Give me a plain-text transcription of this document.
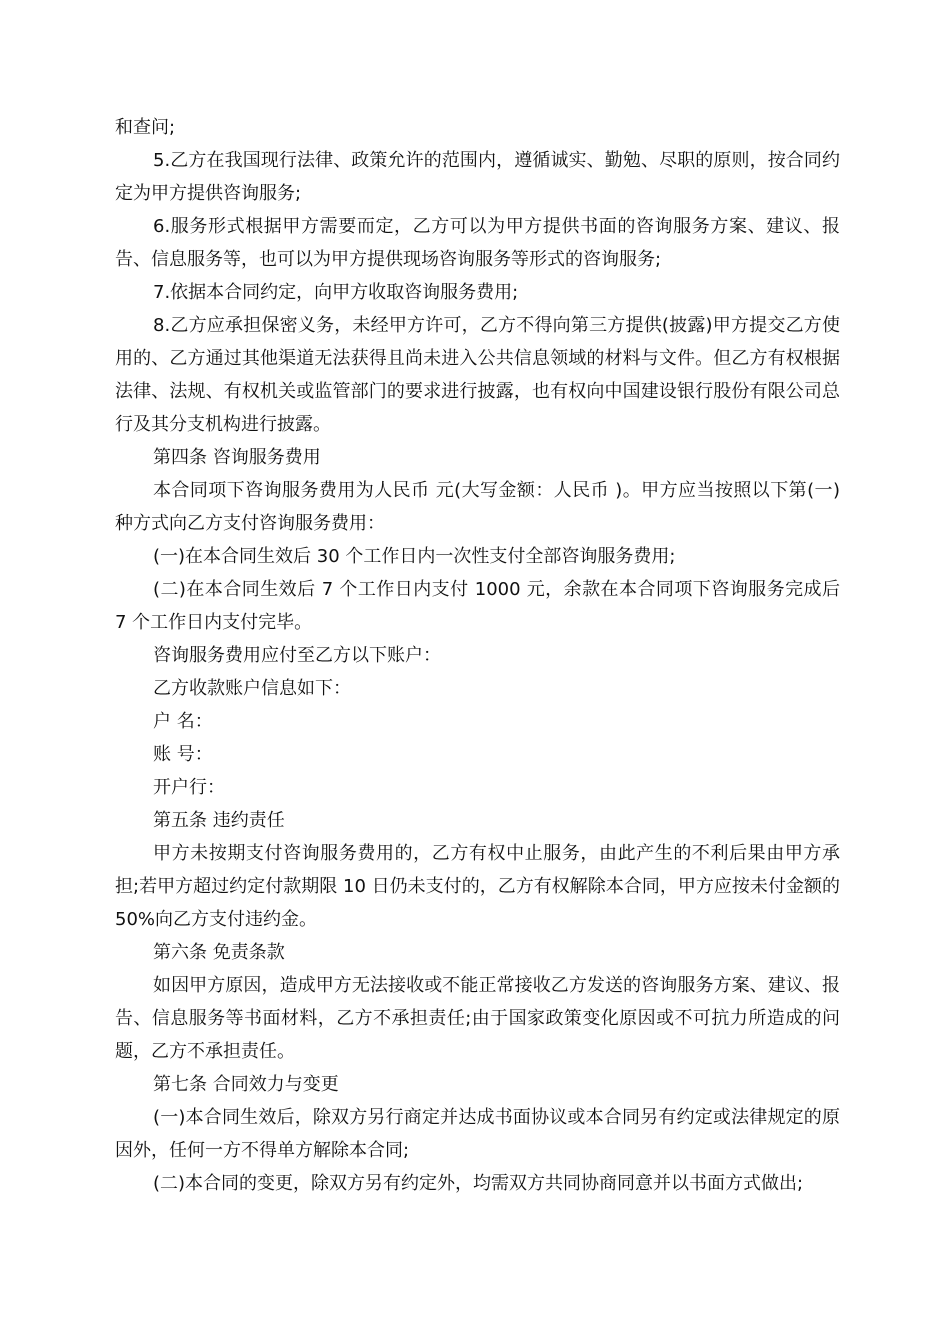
和查问;

5.乙方在我国现行法律、政策允许的范围内，遵循诚实、勤勉、尽职的原则，按合同约定为甲方提供咨询服务;

6.服务形式根据甲方需要而定，乙方可以为甲方提供书面的咨询服务方案、建议、报告、信息服务等，也可以为甲方提供现场咨询服务等形式的咨询服务;

7.依据本合同约定，向甲方收取咨询服务费用;

8.乙方应承担保密义务，未经甲方许可，乙方不得向第三方提供(披露)甲方提交乙方使用的、乙方通过其他渠道无法获得且尚未进入公共信息领域的材料与文件。但乙方有权根据法律、法规、有权机关或监管部门的要求进行披露，也有权向中国建设银行股份有限公司总行及其分支机构进行披露。

第四条 咨询服务费用

本合同项下咨询服务费用为人民币 元(大写金额：人民币 )。甲方应当按照以下第(一) 种方式向乙方支付咨询服务费用：

(一)在本合同生效后 30 个工作日内一次性支付全部咨询服务费用;

(二)在本合同生效后 7 个工作日内支付 1000 元，余款在本合同项下咨询服务完成后 7 个工作日内支付完毕。

咨询服务费用应付至乙方以下账户：

乙方收款账户信息如下：

户 名：

账 号：

开户行：

第五条 违约责任

甲方未按期支付咨询服务费用的，乙方有权中止服务，由此产生的不利后果由甲方承担;若甲方超过约定付款期限 10 日仍未支付的，乙方有权解除本合同，甲方应按未付金额的 50%向乙方支付违约金。

第六条 免责条款

如因甲方原因，造成甲方无法接收或不能正常接收乙方发送的咨询服务方案、建议、报告、信息服务等书面材料，乙方不承担责任;由于国家政策变化原因或不可抗力所造成的问题，乙方不承担责任。

第七条 合同效力与变更

(一)本合同生效后，除双方另行商定并达成书面协议或本合同另有约定或法律规定的原因外，任何一方不得单方解除本合同;

(二)本合同的变更，除双方另有约定外，均需双方共同协商同意并以书面方式做出;
